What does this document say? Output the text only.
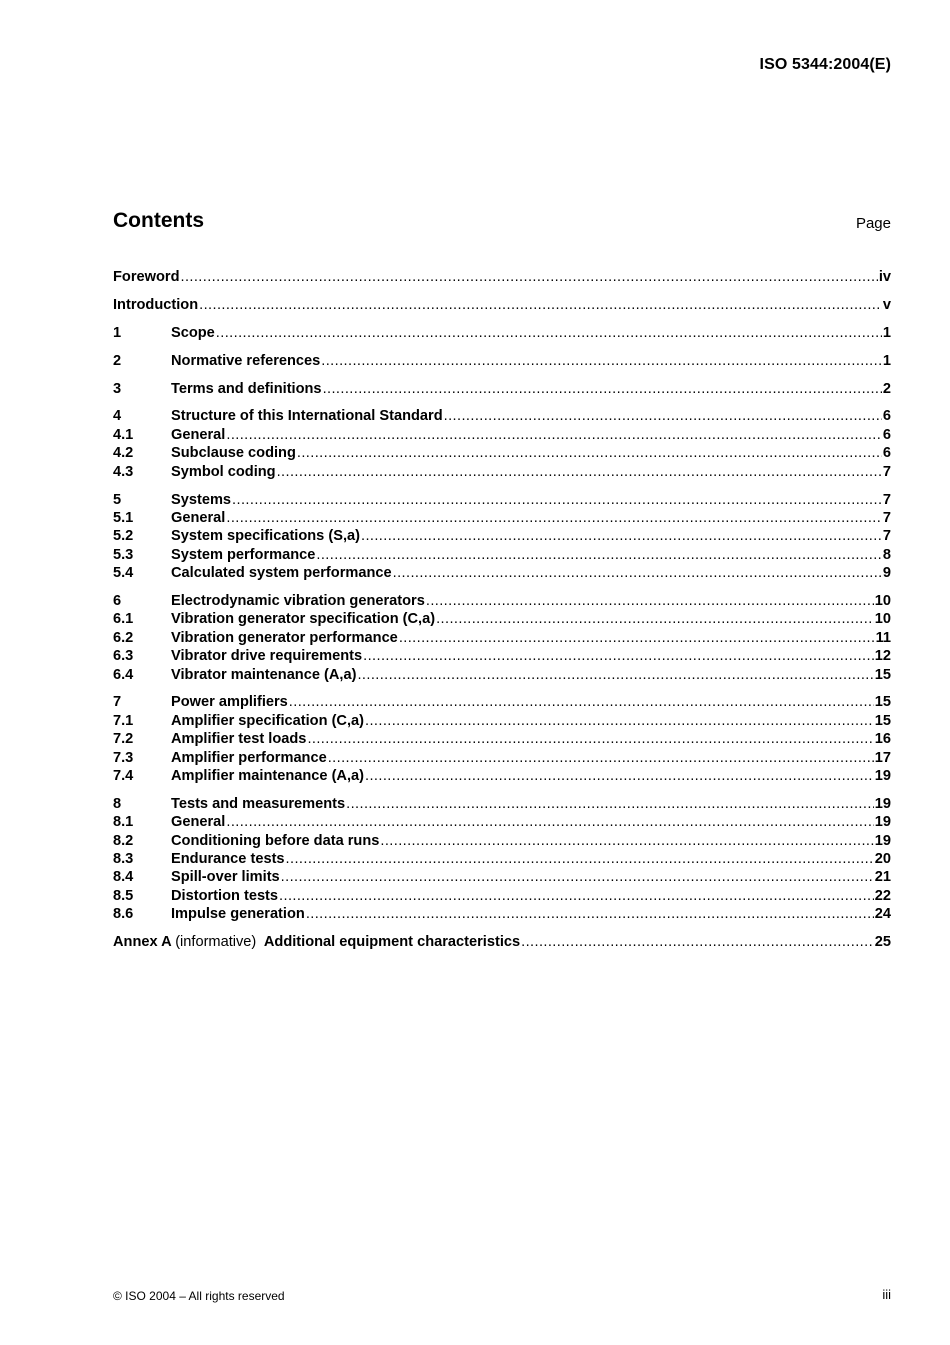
ISO 5344:2004(E)
Contents	Page
Foreword .....	iv
Introduction .....	v
1	Scope .....	1
2	Normative references .....	1
3	Terms and definitions .....	2
4	Structure of this International Standard .....	6
4.1	General .....	6
4.2	Subclause coding .....	6
4.3	Symbol coding .....	7
5	Systems .....	7
5.1	General .....	7
5.2	System specifications (S,a) .....	7
5.3	System performance .....	8
5.4	Calculated system performance .....	9
6	Electrodynamic vibration generators .....	10
6.1	Vibration generator specification (C,a) .....	10
6.2	Vibration generator performance .....	11
6.3	Vibrator drive requirements .....	12
6.4	Vibrator maintenance (A,a) .....	15
7	Power amplifiers .....	15
7.1	Amplifier specification (C,a) .....	15
7.2	Amplifier test loads .....	16
7.3	Amplifier performance .....	17
7.4	Amplifier maintenance (A,a) .....	19
8	Tests and measurements .....	19
8.1	General .....	19
8.2	Conditioning before data runs .....	19
8.3	Endurance tests .....	20
8.4	Spill-over limits .....	21
8.5	Distortion tests .....	22
8.6	Impulse generation .....	24
Annex A (informative) Additional equipment characteristics .....	25
© ISO 2004 – All rights reserved	iii
